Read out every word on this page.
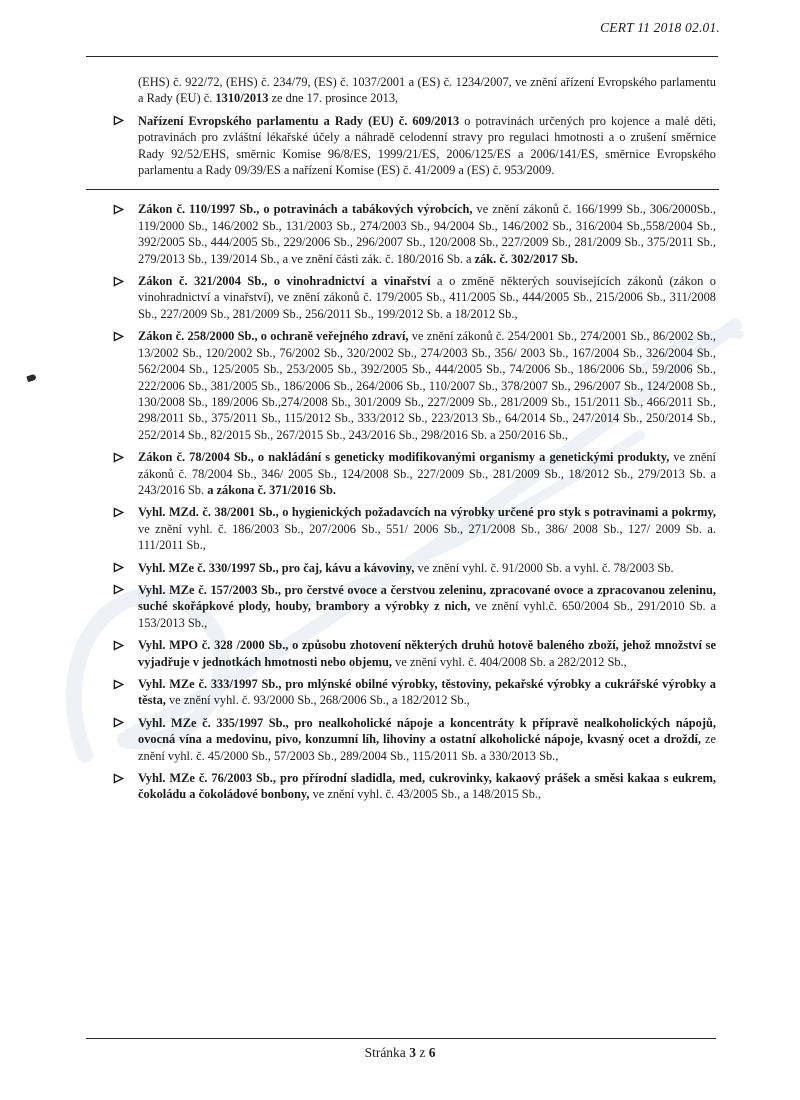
CERT 11 2018 02.01.
(EHS) č. 922/72, (EHS) č. 234/79, (ES) č. 1037/2001 a (ES) č. 1234/2007, ve znění ařízení Evropského parlamentu a Rady (EU) č. 1310/2013 ze dne 17. prosince 2013,
Nařízení Evropského parlamentu a Rady (EU) č. 609/2013 o potravinách určených pro kojence a malé děti, potravinách pro zvláštní lékařské účely a náhradě celodenní stravy pro regulaci hmotnosti a o zrušení směrnice Rady 92/52/EHS, směrnic Komise 96/8/ES, 1999/21/ES, 2006/125/ES a 2006/141/ES, směrnice Evropského parlamentu a Rady 09/39/ES a nařízení Komise (ES) č. 41/2009 a (ES) č. 953/2009.
Zákon č. 110/1997 Sb., o potravinách a tabákových výrobcích, ve znění zákonů č. 166/1999 Sb., 306/2000Sb., 119/2000 Sb., 146/2002 Sb., 131/2003 Sb., 274/2003 Sb., 94/2004 Sb., 146/2002 Sb., 316/2004 Sb.,558/2004 Sb., 392/2005 Sb., 444/2005 Sb., 229/2006 Sb., 296/2007 Sb., 120/2008 Sb., 227/2009 Sb., 281/2009 Sb., 375/2011 Sb., 279/2013 Sb., 139/2014 Sb., a ve znění části zák. č. 180/2016 Sb. a zák. č. 302/2017 Sb.
Zákon č. 321/2004 Sb., o vinohradnictví a vinařství a o změně některých souvisejících zákonů (zákon o vinohradnictví a vinařství), ve znění zákonů č. 179/2005 Sb., 411/2005 Sb., 444/2005 Sb., 215/2006 Sb., 311/2008 Sb., 227/2009 Sb., 281/2009 Sb., 256/2011 Sb., 199/2012 Sb. a 18/2012 Sb.,
Zákon č. 258/2000 Sb., o ochraně veřejného zdraví, ve znění zákonů č. 254/2001 Sb., 274/2001 Sb., 86/2002 Sb., 13/2002 Sb., 120/2002 Sb., 76/2002 Sb., 320/2002 Sb., 274/2003 Sb., 356/ 2003 Sb., 167/2004 Sb., 326/2004 Sb., 562/2004 Sb., 125/2005 Sb., 253/2005 Sb., 392/2005 Sb., 444/2005 Sb., 74/2006 Sb., 186/2006 Sb., 59/2006 Sb., 222/2006 Sb., 381/2005 Sb., 186/2006 Sb., 264/2006 Sb., 110/2007 Sb., 378/2007 Sb., 296/2007 Sb., 124/2008 Sb., 130/2008 Sb., 189/2006 Sb.,274/2008 Sb., 301/2009 Sb., 227/2009 Sb., 281/2009 Sb., 151/2011 Sb., 466/2011 Sb., 298/2011 Sb., 375/2011 Sb., 115/2012 Sb., 333/2012 Sb., 223/2013 Sb., 64/2014 Sb., 247/2014 Sb., 250/2014 Sb., 252/2014 Sb., 82/2015 Sb., 267/2015 Sb., 243/2016 Sb., 298/2016 Sb. a 250/2016 Sb.,
Zákon č. 78/2004 Sb., o nakládání s geneticky modifikovanými organismy a genetickými produkty, ve znění zákonů č. 78/2004 Sb., 346/ 2005 Sb., 124/2008 Sb., 227/2009 Sb., 281/2009 Sb., 18/2012 Sb., 279/2013 Sb. a 243/2016 Sb. a zákona č. 371/2016 Sb.
Vyhl. MZd. č. 38/2001 Sb., o hygienických požadavcích na výrobky určené pro styk s potravinami a pokrmy, ve znění vyhl. č. 186/2003 Sb., 207/2006 Sb., 551/ 2006 Sb., 271/2008 Sb., 386/ 2008 Sb., 127/ 2009 Sb. a. 111/2011 Sb.,
Vyhl. MZe č. 330/1997 Sb., pro čaj, kávu a kávoviny, ve znění vyhl. č. 91/2000 Sb. a vyhl. č. 78/2003 Sb.
Vyhl. MZe č. 157/2003 Sb., pro čerstvé ovoce a čerstvou zeleninu, zpracované ovoce a zpracovanou zeleninu, suché skořápkové plody, houby, brambory a výrobky z nich, ve znění vyhl.č. 650/2004 Sb., 291/2010 Sb. a 153/2013 Sb.,
Vyhl. MPO č. 328 /2000 Sb., o způsobu zhotovení některých druhů hotově baleného zboží, jehož množství se vyjadřuje v jednotkách hmotnosti nebo objemu, ve znění vyhl. č. 404/2008 Sb. a 282/2012 Sb.,
Vyhl. MZe č. 333/1997 Sb., pro mlýnské obilné výrobky, těstoviny, pekařské výrobky a cukrářské výrobky a těsta, ve znění vyhl. č. 93/2000 Sb., 268/2006 Sb., a 182/2012 Sb.,
Vyhl. MZe č. 335/1997 Sb., pro nealkoholické nápoje a koncentráty k přípravě nealkoholických nápojů, ovocná vína a medovinu, pivo, konzumní líh, lihoviny a ostatní alkoholické nápoje, kvasný ocet a droždí, ze znění vyhl. č. 45/2000 Sb., 57/2003 Sb., 289/2004 Sb., 115/2011 Sb. a 330/2013 Sb.,
Vyhl. MZe č. 76/2003 Sb., pro přírodní sladidla, med, cukrovinky, kakaový prášek a směsi kakaa s eukrem, čokoládu a čokoládové bonbony, ve znění vyhl. č. 43/2005 Sb., a 148/2015 Sb.,
Stránka 3 z 6
